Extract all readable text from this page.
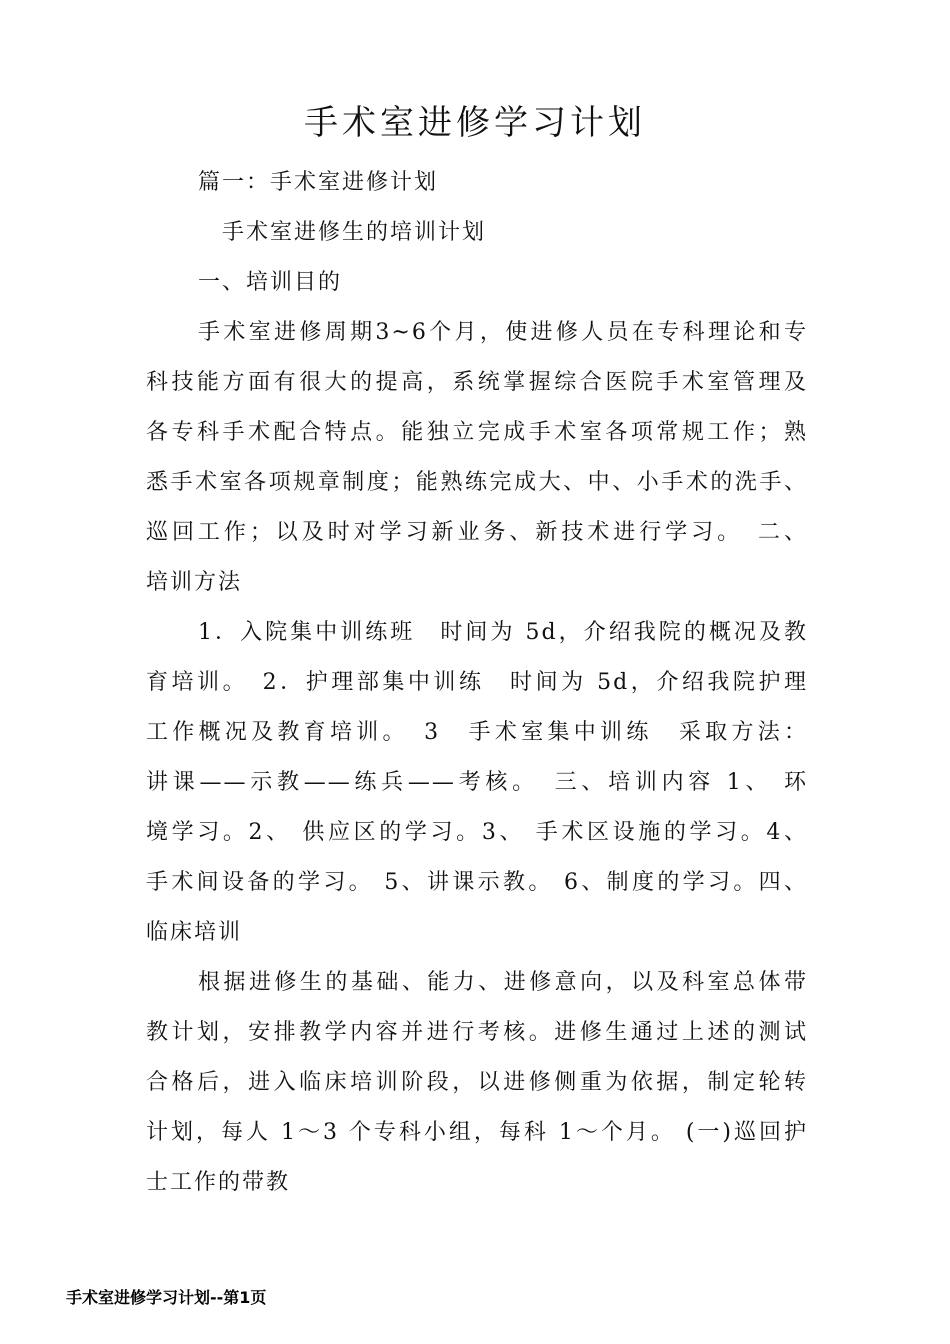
手术室进修学习计划
篇一：手术室进修计划
手术室进修生的培训计划
一、培训目的
手术室进修周期3~6个月，使进修人员在专科理论和专
科技能方面有很大的提高，系统掌握综合医院手术室管理及
各专科手术配合特点。能独立完成手术室各项常规工作；熟
悉手术室各项规章制度；能熟练完成大、中、小手术的洗手、
巡回工作；以及时对学习新业务、新技术进行学习。　二、
培训方法
1．入院集中训练班　时间为 5d，介绍我院的概况及教
育培训。　2．护理部集中训练　时间为 5d，介绍我院护理
工作概况及教育培训。　3　手术室集中训练　采取方法：
讲课——示教——练兵——考核。　三、培训内容 1、 环
境学习。2、 供应区的学习。3、 手术区设施的学习。4、
手术间设备的学习。 5、讲课示教。 6、制度的学习。四、
临床培训
根据进修生的基础、能力、进修意向，以及科室总体带
教计划，安排教学内容并进行考核。进修生通过上述的测试
合格后，进入临床培训阶段，以进修侧重为依据，制定轮转
计划，每人 1～3 个专科小组，每科 1～个月。 (一)巡回护
士工作的带教
手术室进修学习计划--第1页
